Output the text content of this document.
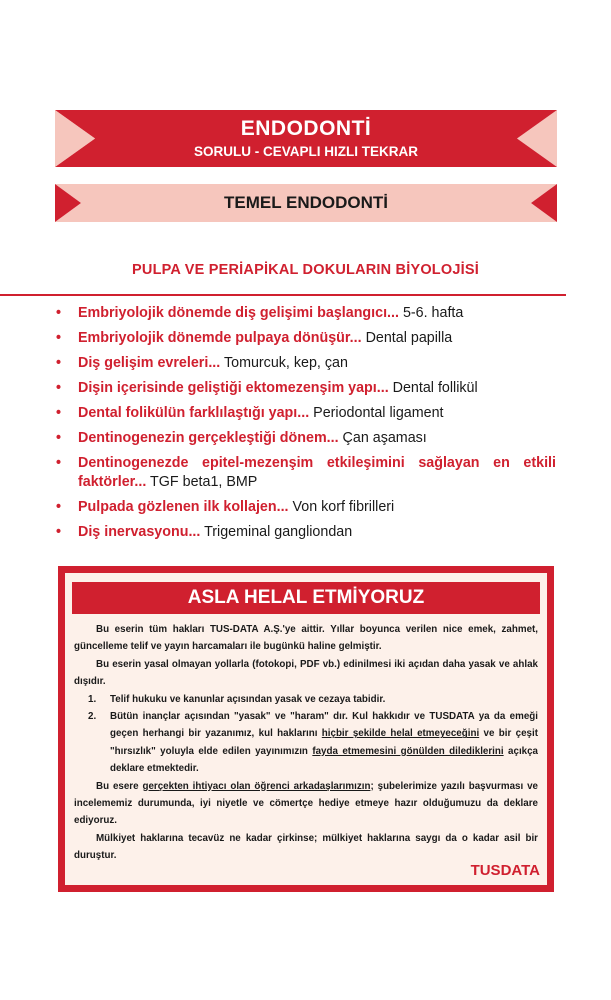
ENDODONTİ
SORULU - CEVAPLI HIZLI TEKRAR
TEMEL ENDODONTİ
PULPA VE PERİAPİKAL DOKULARIN BİYOLOJİSİ
• Embriyolojik dönemde diş gelişimi başlangıcı... 5-6. hafta
• Embriyolojik dönemde pulpaya dönüşür... Dental papilla
• Diş gelişim evreleri... Tomurcuk, kep, çan
• Dişin içerisinde geliştiği ektomezenşim yapı... Dental follikül
• Dental folikülün farklılaştığı yapı... Periodontal ligament
• Dentinogenezin gerçekleştiği dönem... Çan aşaması
• Dentinogenezde epitel-mezenşim etkileşimini sağlayan en etkili faktörler... TGF beta1, BMP
• Pulpada gözlenen ilk kollajen... Von korf fibrilleri
• Diş inervasyonu... Trigeminal gangliondan
ASLA HELAL ETMİYORUZ

Bu eserin tüm hakları TUS-DATA A.Ş.'ye aittir. Yıllar boyunca verilen nice emek, zahmet, güncelleme telif ve yayın harcamaları ile bugünkü haline gelmiştir.

Bu eserin yasal olmayan yollarla (fotokopi, PDF vb.) edinilmesi iki açıdan daha yasak ve ahlak dışıdır.

1. Telif hukuku ve kanunlar açısından yasak ve cezaya tabidir.
2. Bütün inançlar açısından "yasak" ve "haram" dır. Kul hakkıdır ve TUSDATA ya da emeği geçen herhangi bir yazanımız, kul haklarını hiçbir şekilde helal etmeyeceğini ve bir çeşit "hırsızlık" yoluyla elde edilen yayınımızın fayda etmemesini gönülden dilediklerini açıkça deklare etmektedir.

Bu esere gerçekten ihtiyacı olan öğrenci arkadaşlarımızın; şubelerimize yazılı başvurması ve incelememiz durumunda, iyi niyetle ve cömertçe hediye etmeye hazır olduğumuzu da deklare ediyoruz.

Mülkiyet haklarına tecavüz ne kadar çirkinse; mülkiyet haklarına saygı da o kadar asil bir duruştur.

TUSDATA
